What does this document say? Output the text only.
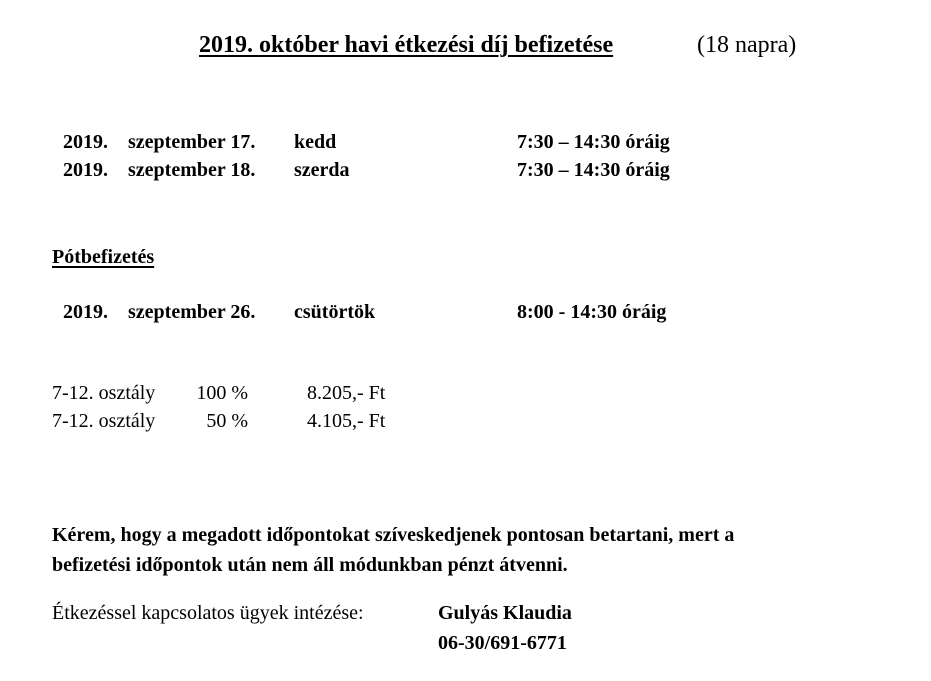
2019. október havi étkezési díj befizetése	(18 napra)
2019. szeptember 17. kedd	7:30 – 14:30 óráig
2019. szeptember 18. szerda	7:30 – 14:30 óráig
Pótbefizetés
2019. szeptember 26. csütörtök	8:00 - 14:30 óráig
7-12. osztály	100 %	8.205,- Ft
7-12. osztály	50 %	4.105,- Ft
Kérem, hogy a megadott időpontokat szíveskedjenek pontosan betartani, mert a
befizetési időpontok után nem áll módunkban pénzt átvenni.
Étkezéssel kapcsolatos ügyek intézése:	Gulyás Klaudia
06-30/691-6771
